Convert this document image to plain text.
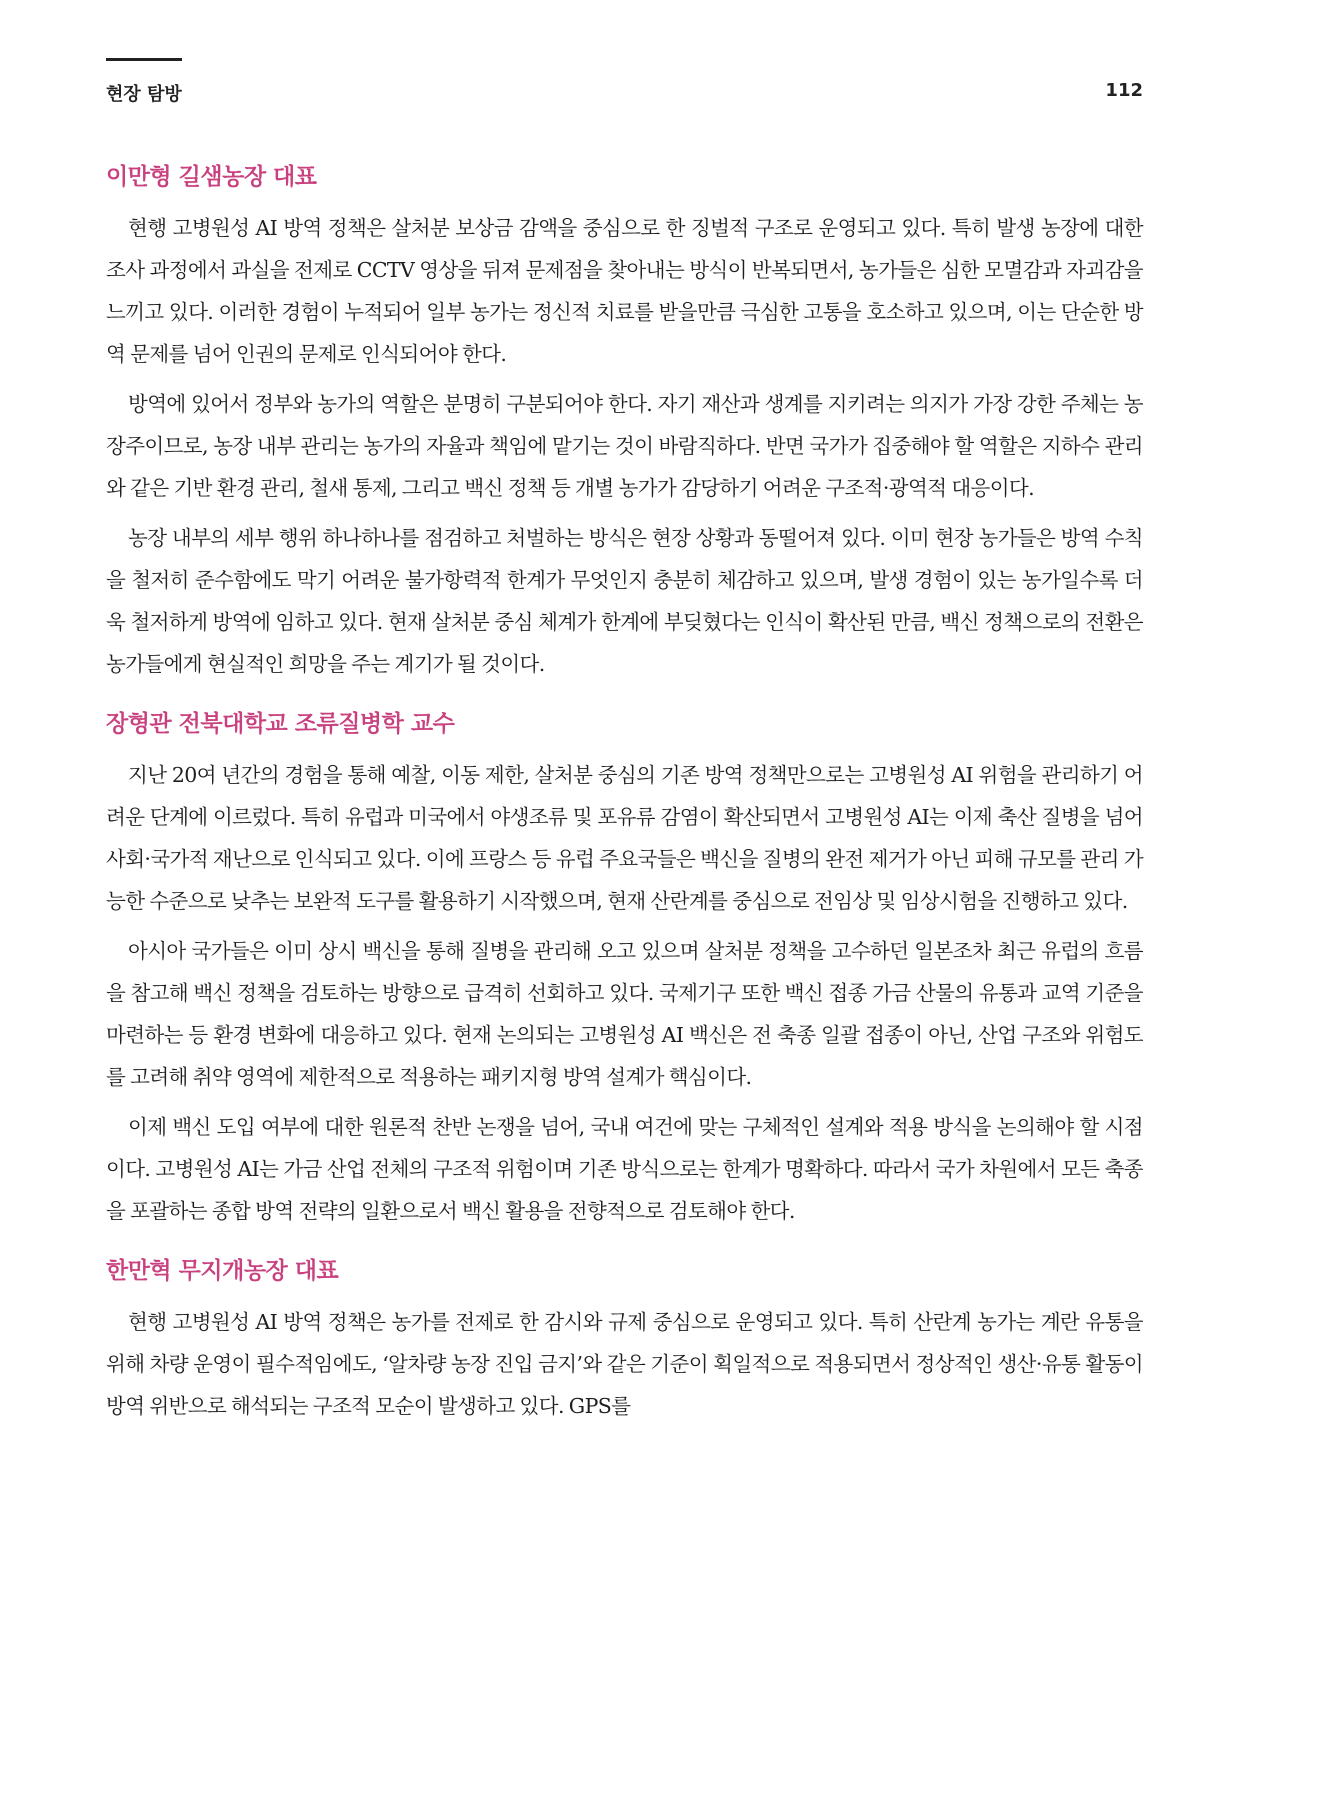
현장 탐방	112
이만형 길샘농장 대표

현행 고병원성 AI 방역 정책은 살처분 보상금 감액을 중심으로 한 징벌적 구조로 운영되고 있다. 특히 발생 농장에 대한 조사 과정에서 과실을 전제로 CCTV 영상을 뒤져 문제점을 찾아내는 방식이 반복되면서, 농가들은 심한 모멸감과 자괴감을 느끼고 있다. 이러한 경험이 누적되어 일부 농가는 정신적 치료를 받을만큼 극심한 고통을 호소하고 있으며, 이는 단순한 방역 문제를 넘어 인권의 문제로 인식되어야 한다.

방역에 있어서 정부와 농가의 역할은 분명히 구분되어야 한다. 자기 재산과 생계를 지키려는 의지가 가장 강한 주체는 농장주이므로, 농장 내부 관리는 농가의 자율과 책임에 맡기는 것이 바람직하다. 반면 국가가 집중해야 할 역할은 지하수 관리와 같은 기반 환경 관리, 철새 통제, 그리고 백신 정책 등 개별 농가가 감당하기 어려운 구조적·광역적 대응이다.

농장 내부의 세부 행위 하나하나를 점검하고 처벌하는 방식은 현장 상황과 동떨어져 있다. 이미 현장 농가들은 방역 수칙을 철저히 준수함에도 막기 어려운 불가항력적 한계가 무엇인지 충분히 체감하고 있으며, 발생 경험이 있는 농가일수록 더욱 철저하게 방역에 임하고 있다. 현재 살처분 중심 체계가 한계에 부딪혔다는 인식이 확산된 만큼, 백신 정책으로의 전환은 농가들에게 현실적인 희망을 주는 계기가 될 것이다.

장형관 전북대학교 조류질병학 교수

지난 20여 년간의 경험을 통해 예찰, 이동 제한, 살처분 중심의 기존 방역 정책만으로는 고병원성 AI 위험을 관리하기 어려운 단계에 이르렀다. 특히 유럽과 미국에서 야생조류 및 포유류 감염이 확산되면서 고병원성 AI는 이제 축산 질병을 넘어 사회·국가적 재난으로 인식되고 있다. 이에 프랑스 등 유럽 주요국들은 백신을 질병의 완전 제거가 아닌 피해 규모를 관리 가능한 수준으로 낮추는 보완적 도구를 활용하기 시작했으며, 현재 산란계를 중심으로 전임상 및 임상시험을 진행하고 있다.

아시아 국가들은 이미 상시 백신을 통해 질병을 관리해 오고 있으며 살처분 정책을 고수하던 일본조차 최근 유럽의 흐름을 참고해 백신 정책을 검토하는 방향으로 급격히 선회하고 있다. 국제기구 또한 백신 접종 가금 산물의 유통과 교역 기준을 마련하는 등 환경 변화에 대응하고 있다. 현재 논의되는 고병원성 AI 백신은 전 축종 일괄 접종이 아닌, 산업 구조와 위험도를 고려해 취약 영역에 제한적으로 적용하는 패키지형 방역 설계가 핵심이다.

이제 백신 도입 여부에 대한 원론적 찬반 논쟁을 넘어, 국내 여건에 맞는 구체적인 설계와 적용 방식을 논의해야 할 시점이다. 고병원성 AI는 가금 산업 전체의 구조적 위험이며 기존 방식으로는 한계가 명확하다. 따라서 국가 차원에서 모든 축종을 포괄하는 종합 방역 전략의 일환으로서 백신 활용을 전향적으로 검토해야 한다.

한만혁 무지개농장 대표

현행 고병원성 AI 방역 정책은 농가를 전제로 한 감시와 규제 중심으로 운영되고 있다. 특히 산란계 농가는 계란 유통을 위해 차량 운영이 필수적임에도, ‘알차량 농장 진입 금지’와 같은 기준이 획일적으로 적용되면서 정상적인 생산·유통 활동이 방역 위반으로 해석되는 구조적 모순이 발생하고 있다. GPS를
